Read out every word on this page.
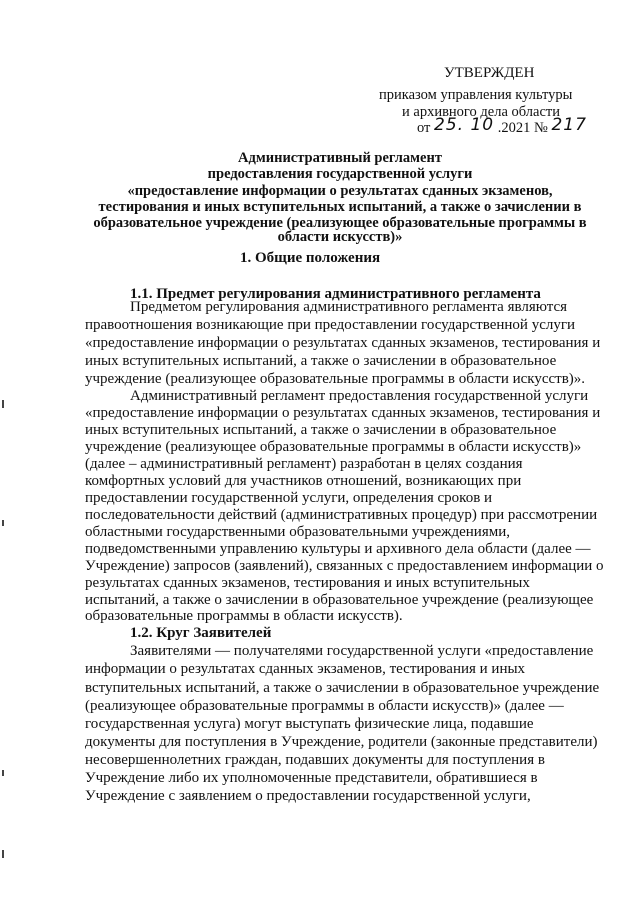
УТВЕРЖДЕН
приказом управления культуры
и архивного дела области
от 25. 10 .2021 № 217
Административный регламент
предоставления государственной услуги
«предоставление информации о результатах сданных экзаменов,
тестирования и иных вступительных испытаний, а также о зачислении в
образовательное учреждение (реализующее образовательные программы в
области искусств)»
1. Общие положения
1.1. Предмет регулирования административного регламента
Предметом регулирования административного регламента являются
правоотношения возникающие при предоставлении государственной услуги
«предоставление информации о результатах сданных экзаменов, тестирования и
иных вступительных испытаний, а также о зачислении в образовательное
учреждение (реализующее образовательные программы в области искусств)».
Административный регламент предоставления государственной услуги
«предоставление информации о результатах сданных экзаменов, тестирования и
иных вступительных испытаний, а также о зачислении в образовательное
учреждение (реализующее образовательные программы в области искусств)»
(далее – административный регламент) разработан в целях создания
комфортных условий для участников отношений, возникающих при
предоставлении государственной услуги, определения сроков и
последовательности действий (административных процедур) при рассмотрении
областными государственными образовательными учреждениями,
подведомственными управлению культуры и архивного дела области (далее —
Учреждение) запросов (заявлений), связанных с предоставлением информации о
результатах сданных экзаменов, тестирования и иных вступительных
испытаний, а также о зачислении в образовательное учреждение (реализующее
образовательные программы в области искусств).
1.2. Круг Заявителей
Заявителями — получателями государственной услуги «предоставление
информации о результатах сданных экзаменов, тестирования и иных
вступительных испытаний, а также о зачислении в образовательное учреждение
(реализующее образовательные программы в области искусств)» (далее —
государственная услуга) могут выступать физические лица, подавшие
документы для поступления в Учреждение, родители (законные представители)
несовершеннолетних граждан, подавших документы для поступления в
Учреждение либо их уполномоченные представители, обратившиеся в
Учреждение с заявлением о предоставлении государственной услуги,
